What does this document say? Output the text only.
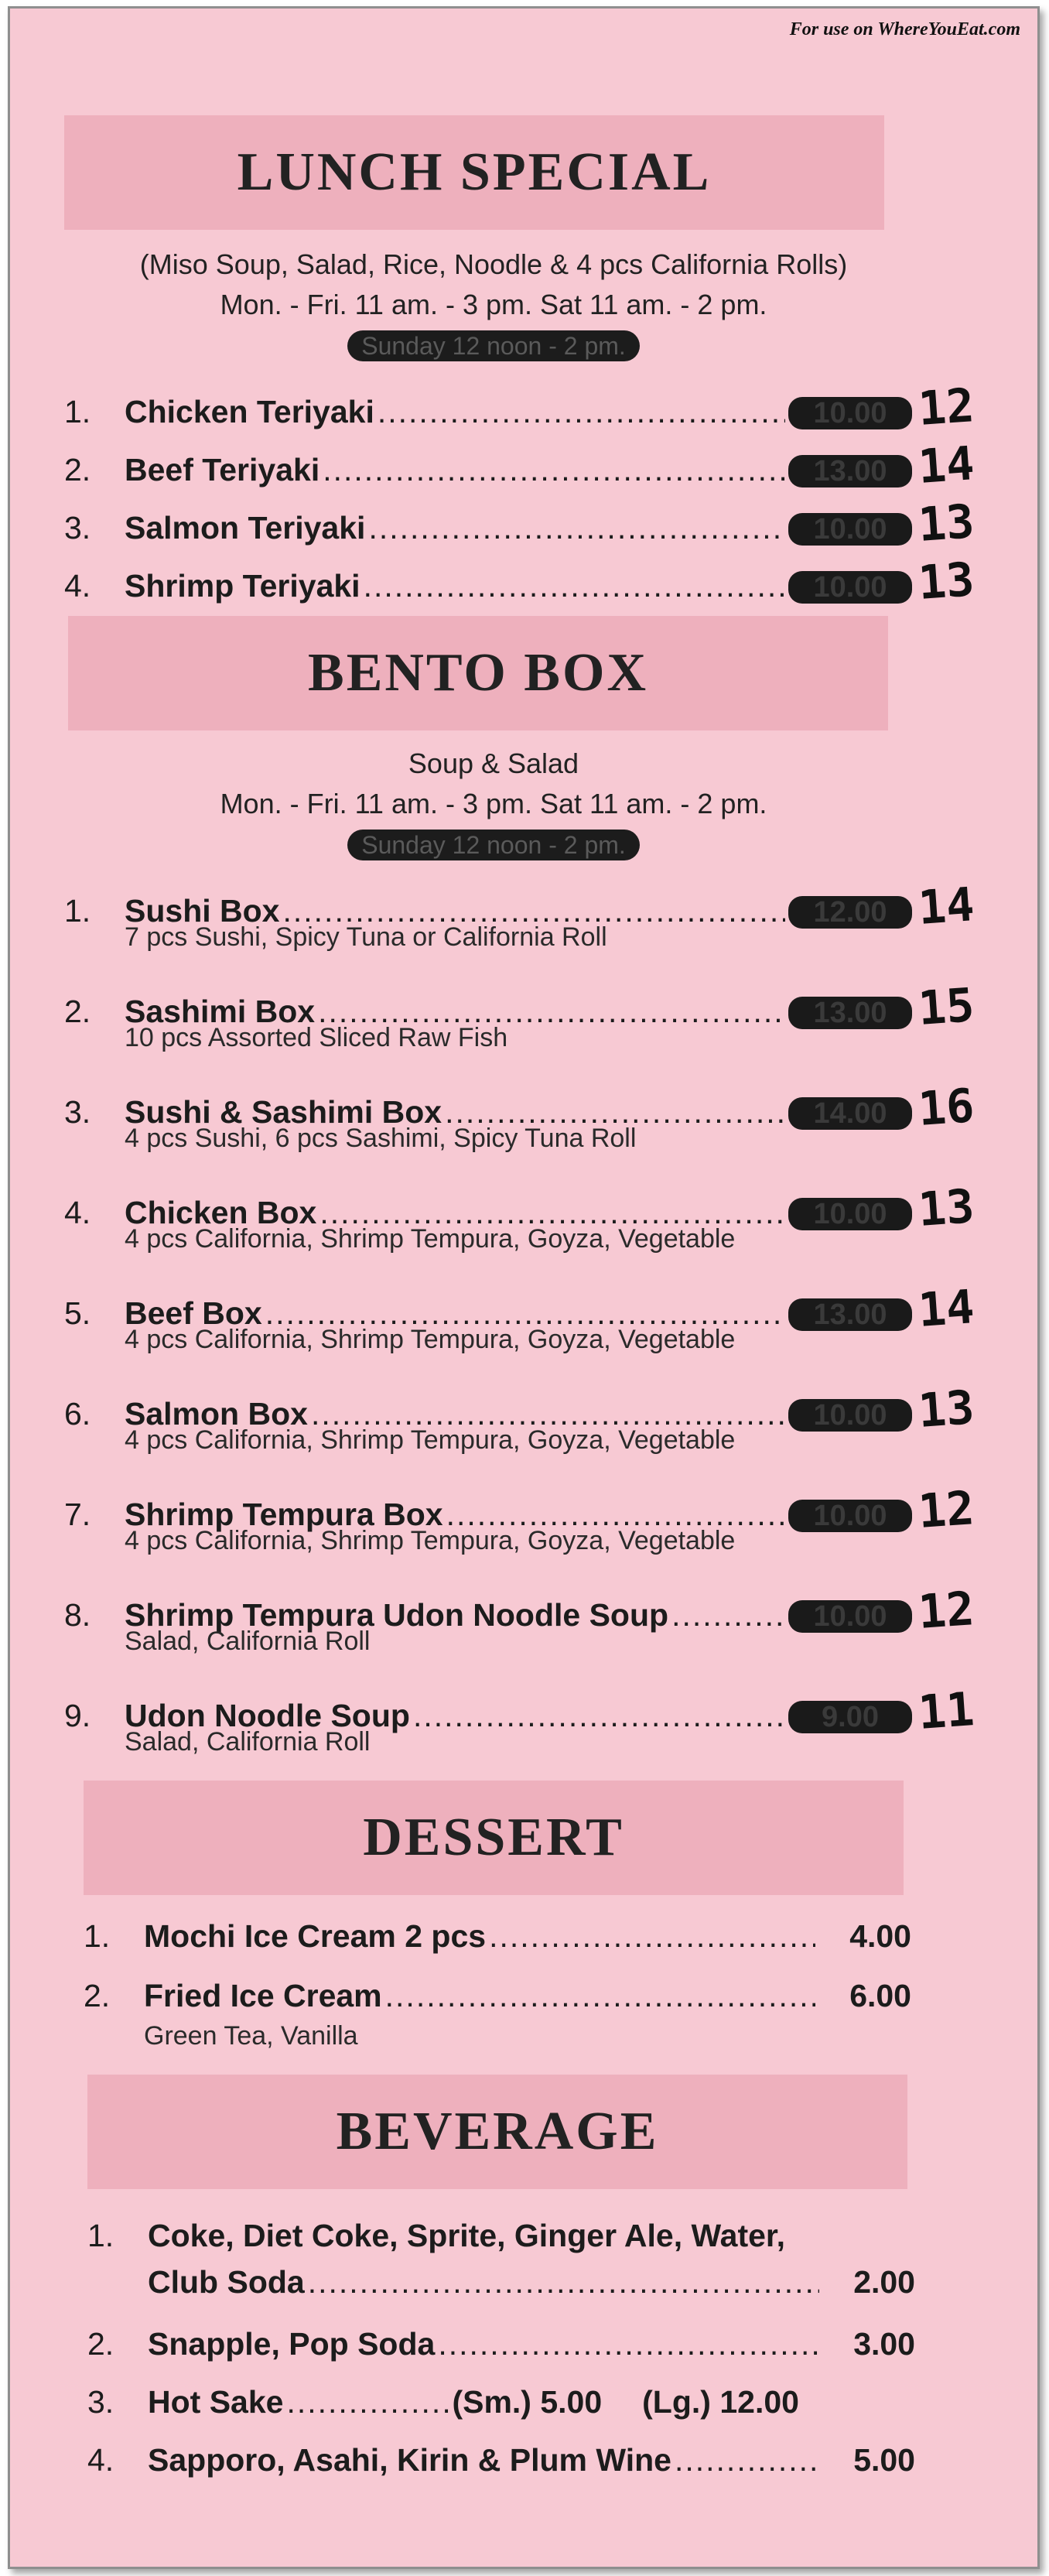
For use on WhereYouEat.com
LUNCH SPECIAL
(Miso Soup, Salad, Rice, Noodle & 4 pcs California Rolls)
Mon. - Fri. 11 am. - 3 pm. Sat 11 am. - 2 pm.
Sunday 12 noon - 2 pm.
1.	Chicken Teriyaki .....	10.00 12
2.	Beef Teriyaki .....	13.00 14
3.	Salmon Teriyaki .....	10.00 13
4.	Shrimp Teriyaki .....	10.00 13
BENTO BOX
Soup & Salad
Mon. - Fri. 11 am. - 3 pm. Sat 11 am. - 2 pm.
Sunday 12 noon - 2 pm.
1.	Sushi Box .....	12.00 14
7 pcs Sushi, Spicy Tuna or California Roll
2.	Sashimi Box .....	13.00 15
10 pcs Assorted Sliced Raw Fish
3.	Sushi & Sashimi Box .....	14.00 16
4 pcs Sushi, 6 pcs Sashimi, Spicy Tuna Roll
4.	Chicken Box .....	10.00 13
4 pcs California, Shrimp Tempura, Goyza, Vegetable
5.	Beef Box .....	13.00 14
4 pcs California, Shrimp Tempura, Goyza, Vegetable
6.	Salmon Box .....	10.00 13
4 pcs California, Shrimp Tempura, Goyza, Vegetable
7.	Shrimp Tempura Box .....	10.00 12
4 pcs California, Shrimp Tempura, Goyza, Vegetable
8.	Shrimp Tempura Udon Noodle Soup .....	10.00 12
Salad, California Roll
9.	Udon Noodle Soup .....	9.00 11
Salad, California Roll
DESSERT
1.	Mochi Ice Cream 2 pcs .....	4.00
2.	Fried Ice Cream .....	6.00
Green Tea, Vanilla
BEVERAGE
1.	Coke, Diet Coke, Sprite, Ginger Ale, Water,
Club Soda .....	2.00
2.	Snapple, Pop Soda .....	3.00
3.	Hot Sake .....	(Sm.) 5.00 (Lg.) 12.00
4.	Sapporo, Asahi, Kirin & Plum Wine .....	5.00
